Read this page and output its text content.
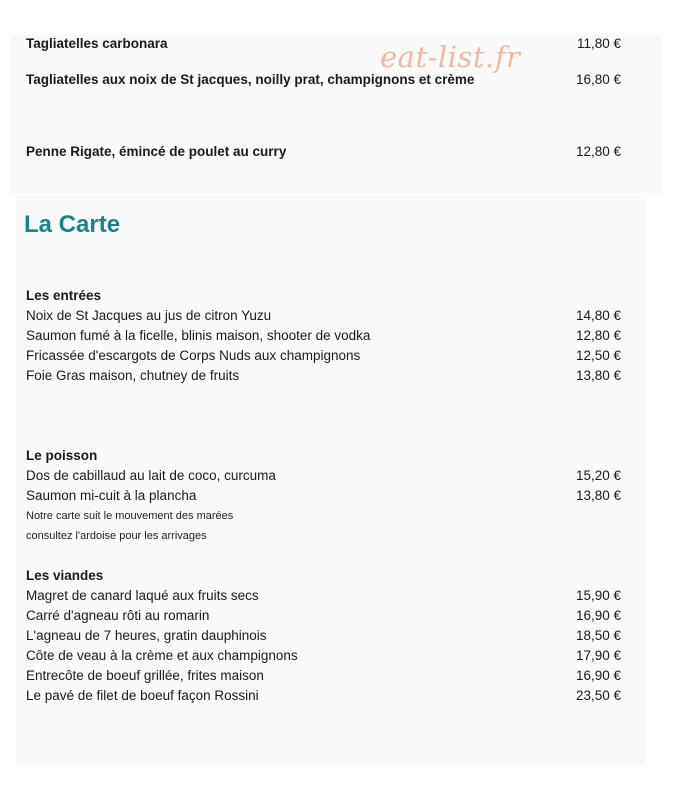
eat-list.fr
Tagliatelles carbonara	11,80 €
Tagliatelles aux noix de St jacques, noilly prat, champignons et crème	16,80 €
Penne Rigate, émincé de poulet au curry	12,80 €
La Carte
Les entrées
Noix de St Jacques au jus de citron Yuzu	14,80 €
Saumon fumé à la ficelle, blinis maison, shooter de vodka	12,80 €
Fricassée d'escargots de Corps Nuds aux champignons	12,50 €
Foie Gras maison, chutney de fruits	13,80 €
Le poisson
Dos de cabillaud au lait de coco, curcuma	15,20 €
Saumon mi-cuit à la plancha	13,80 €
Notre carte suit le mouvement des marées
consultez l'ardoise pour les arrivages
Les viandes
Magret de canard laqué aux fruits secs	15,90 €
Carré d'agneau rôti au romarin	16,90 €
L'agneau de 7 heures, gratin dauphinois	18,50 €
Côte de veau à la crème et aux champignons	17,90 €
Entrecôte de boeuf grillée, frites maison	16,90 €
Le pavé de filet de boeuf façon Rossini	23,50 €
